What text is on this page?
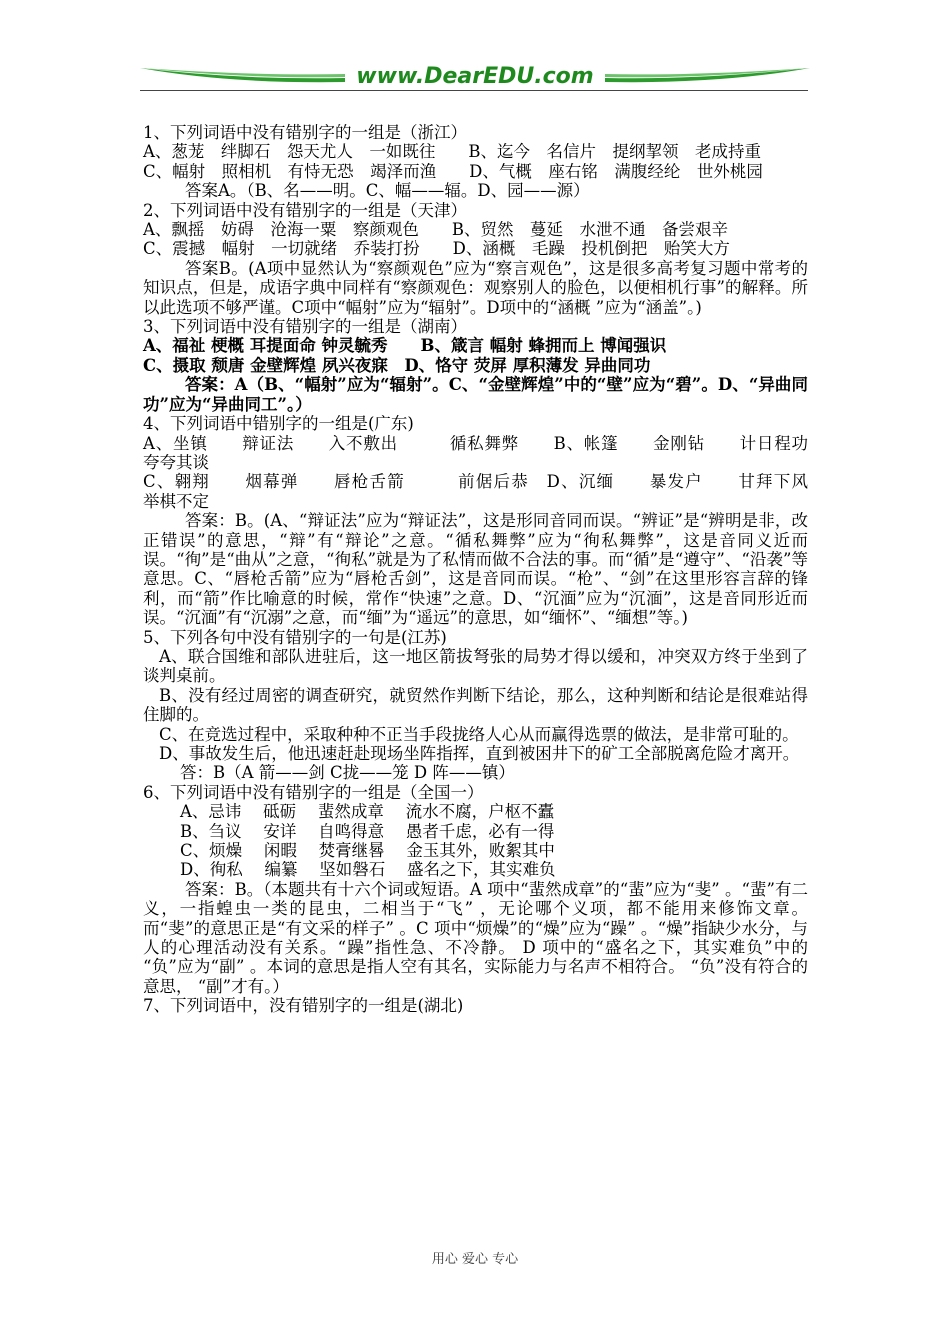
www.DearEDU.com

1、下列词语中没有错别字的一组是（浙江）

A、葱茏　绊脚石　怨天尤人　一如既往　　B、迄今　名信片　提纲挈领　老成持重

C、幅射　照相机　有恃无恐　竭泽而渔　　D、气概　座右铭　满腹经纶　世外桃园

答案A。（B、名——明。C、幅——辐。D、园——源）

2、下列词语中没有错别字的一组是（天津）

A、飘摇　妨碍　沧海一粟　察颜观色　　B、贸然　蔓延　水泄不通　备尝艰辛

C、震撼　幅射　一切就绪　乔装打扮　　D、涵概　毛躁　投机倒把　贻笑大方

答案B。(A项中显然认为“察颜观色”应为“察言观色”，这是很多高考复习题中常考的知识点，但是，成语字典中同样有“察颜观色：观察别人的脸色，以便相机行事”的解释。所以此选项不够严谨。C项中“幅射”应为“辐射”。D项中的“涵概 ”应为“涵盖”。)

3、下列词语中没有错别字的一组是（湖南）

A、福祉 梗概 耳提面命 钟灵毓秀　　B、箴言 幅射 蜂拥而上 博闻强识

C、摄取 颓唐 金壁辉煌 夙兴夜寐　D、恪守 荧屏 厚积薄发 异曲同功

答案：A（B、“幅射”应为“辐射”。C、“金壁辉煌”中的“壁”应为“碧”。D、“异曲同功”应为“异曲同工”。）

4、下列词语中错别字的一组是(广东)

A、坐镇　　辩证法　　入不敷出　　　循私舞弊　　B、帐篷　　金刚钻　　计日程功　　夸夸其谈

C、翱翔　　烟幕弹　　唇枪舌箭　　　前倨后恭　D、沉缅　　暴发户　　甘拜下风　　举棋不定

答案：B。(A、“辩证法”应为“辩证法”，这是形同音同而误。“辨证”是“辨明是非，改正错误”的意思，“辩”有“辩论”之意。“循私舞弊”应为“徇私舞弊”，这是音同义近而误。“徇”是“曲从”之意，“徇私”就是为了私情而做不合法的事。而“循”是“遵守”、“沿袭”等意思。C、“唇枪舌箭”应为“唇枪舌剑”，这是音同而误。“枪”、“剑”在这里形容言辞的锋利，而“箭”作比喻意的时候，常作“快速”之意。D、“沉湎”应为“沉湎”，这是音同形近而误。“沉湎”有“沉溺”之意，而“缅”为“遥远”的意思，如“缅怀”、“缅想”等。)

5、下列各句中没有错别字的一句是(江苏)

A、联合国维和部队进驻后，这一地区箭拔弩张的局势才得以缓和，冲突双方终于坐到了谈判桌前。

B、没有经过周密的调查研究，就贸然作判断下结论，那么，这种判断和结论是很难站得住脚的。

C、在竞选过程中，采取种种不正当手段拢络人心从而赢得选票的做法，是非常可耻的。

D、事故发生后，他迅速赶赴现场坐阵指挥，直到被困井下的矿工全部脱离危险才离开。

答：B（A 箭——剑 C拢——笼 D 阵——镇）

6、下列词语中没有错别字的一组是（全国一）

A、忌讳　 砥砺　 蜚然成章　 流水不腐，户枢不蠹

B、刍议　 安详　 自鸣得意　 愚者千虑，必有一得

C、烦燥　 闲暇　 焚膏继晷　 金玉其外，败絮其中

D、徇私　 编纂　 坚如磐石　 盛名之下，其实难负

答案：B。（本题共有十六个词或短语。A 项中“蜚然成章”的“蜚”应为“斐” 。“蜚”有二义，一指蝗虫一类的昆虫，二相当于“飞” ，无论哪个义项，都不能用来修饰文章。而“斐”的意思正是“有文采的样子” 。C 项中“烦燥”的“燥”应为“躁” 。“燥”指缺少水分，与人的心理活动没有关系。“躁”指性急、不冷静。 D 项中的“盛名之下，其实难负”中的 “负”应为“副” 。本词的意思是指人空有其名，实际能力与名声不相符合。 “负”没有符合的意思， “副”才有。）

7、下列词语中，没有错别字的一组是(湖北)

用心 爱心 专心
